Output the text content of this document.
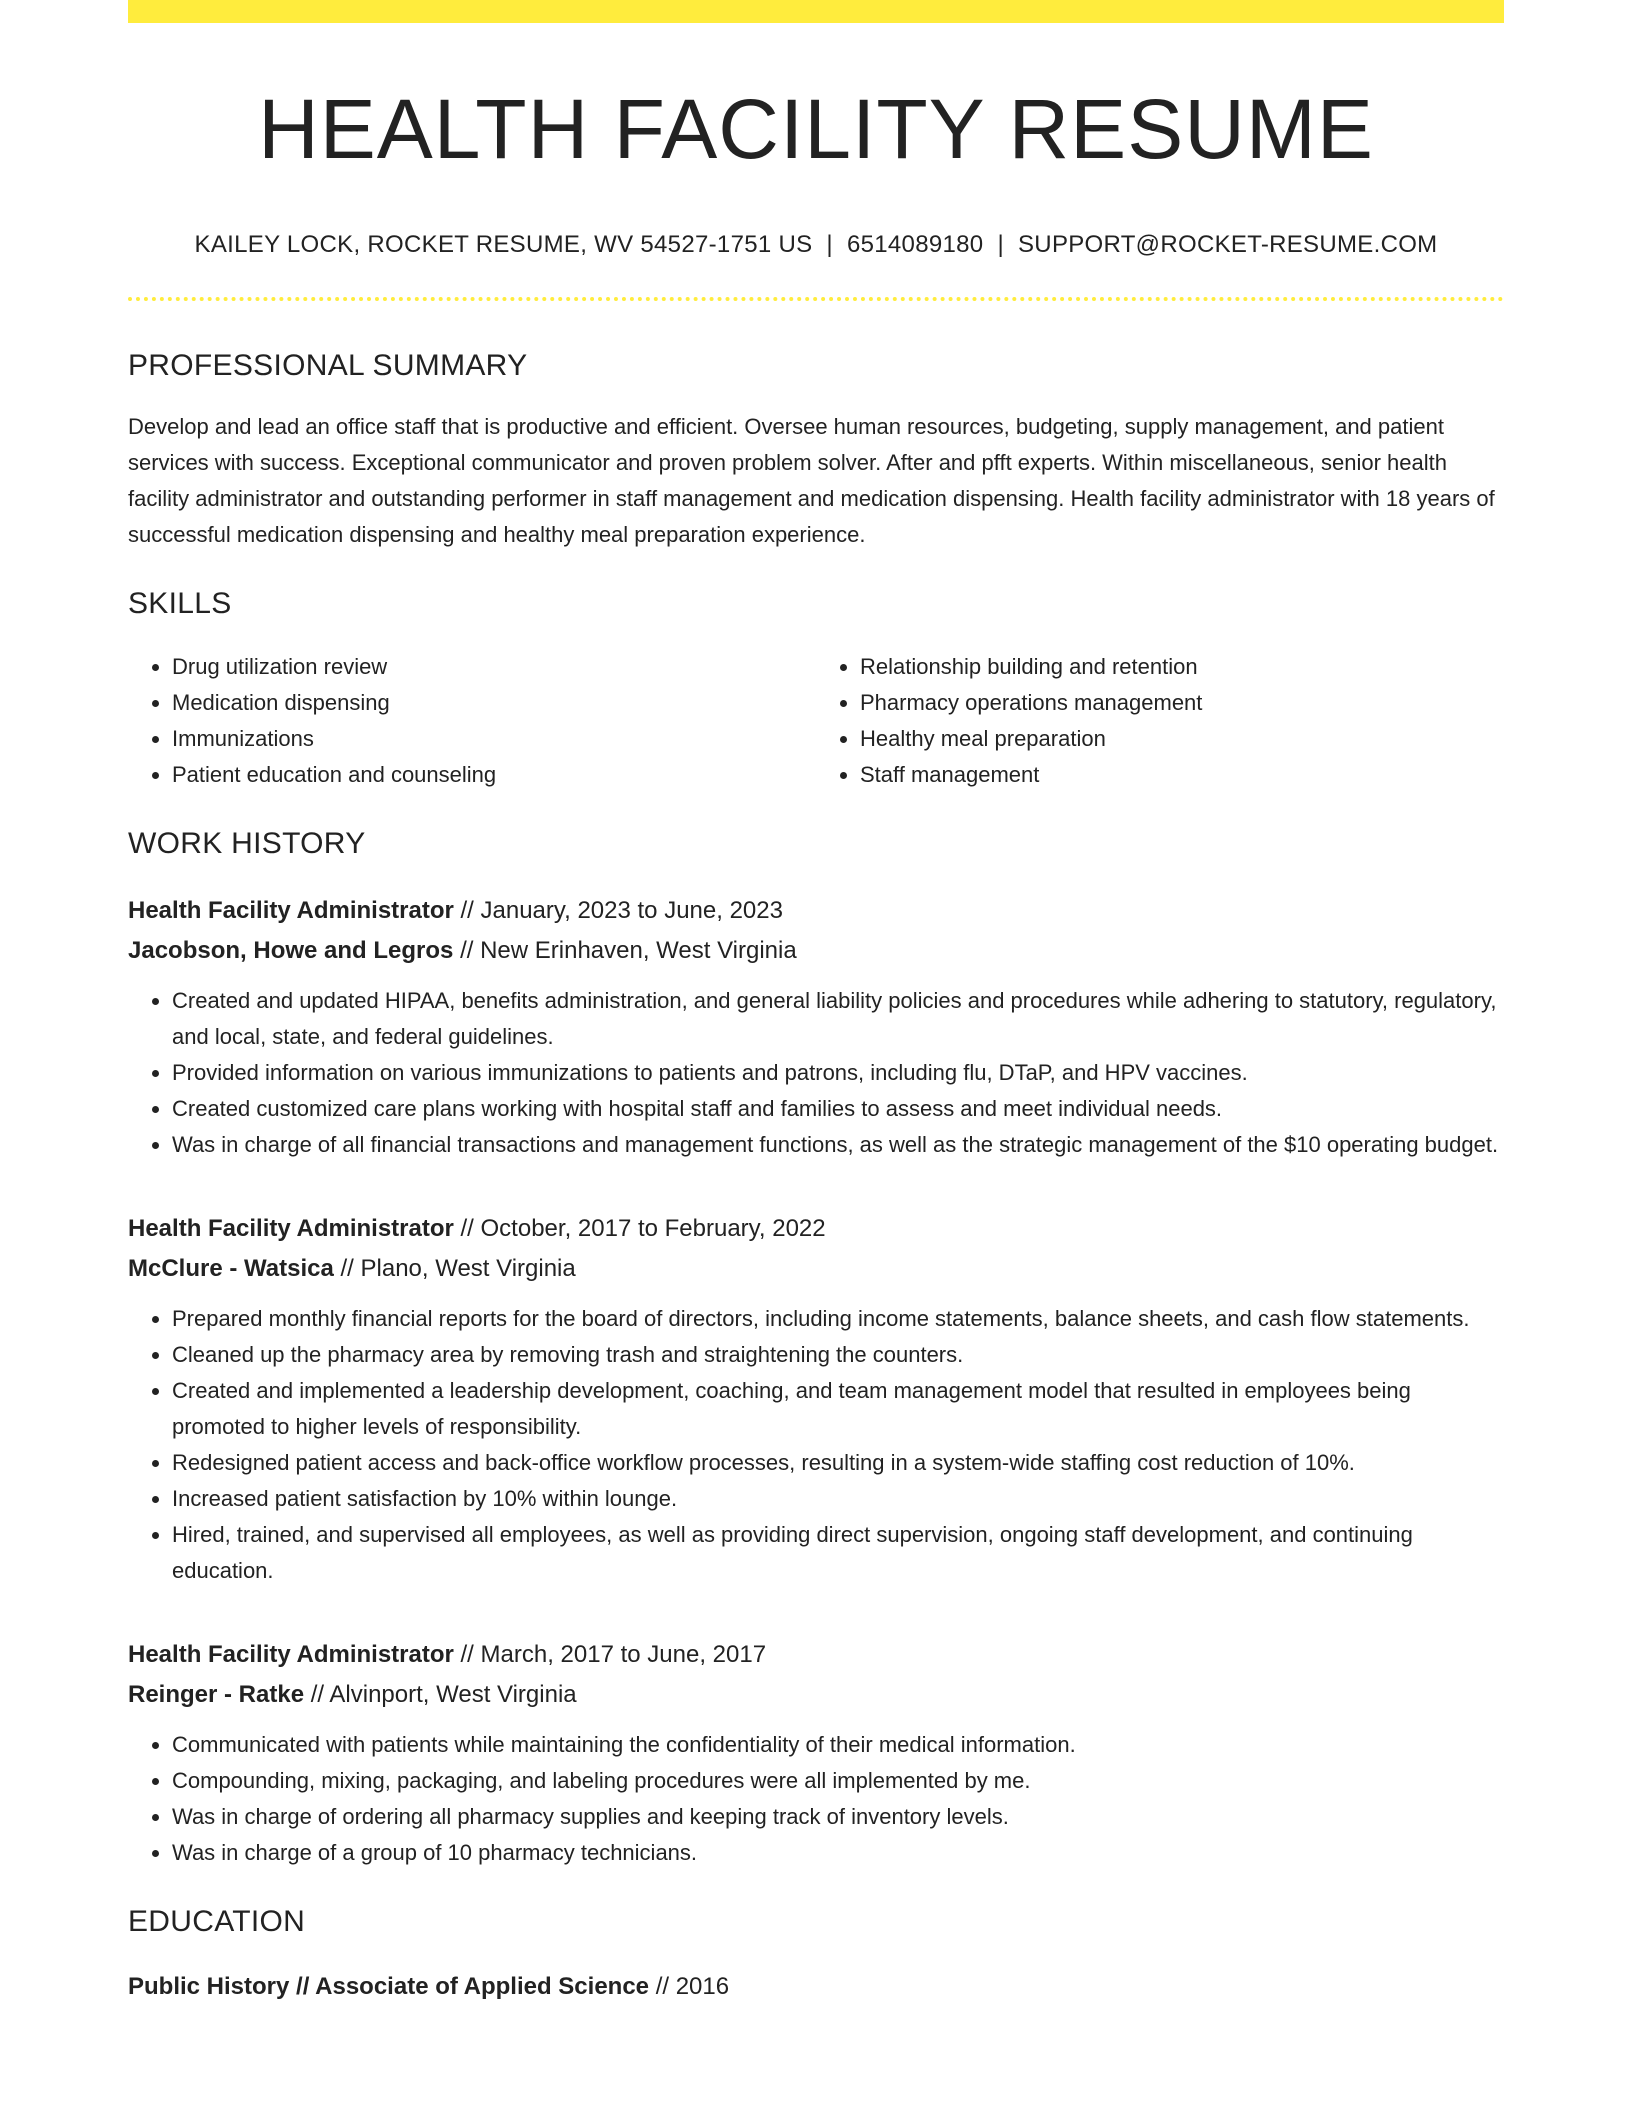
HEALTH FACILITY RESUME
KAILEY LOCK, ROCKET RESUME, WV 54527-1751 US | 6514089180 | SUPPORT@ROCKET-RESUME.COM
PROFESSIONAL SUMMARY

Develop and lead an office staff that is productive and efficient. Oversee human resources, budgeting, supply management, and patient services with success. Exceptional communicator and proven problem solver. After and pfft experts. Within miscellaneous, senior health facility administrator and outstanding performer in staff management and medication dispensing. Health facility administrator with 18 years of successful medication dispensing and healthy meal preparation experience.

SKILLS
• Drug utilization review
• Medication dispensing
• Immunizations
• Patient education and counseling
• Relationship building and retention
• Pharmacy operations management
• Healthy meal preparation
• Staff management
WORK HISTORY
Health Facility Administrator // January, 2023 to June, 2023
Jacobson, Howe and Legros // New Erinhaven, West Virginia
• Created and updated HIPAA, benefits administration, and general liability policies and procedures while adhering to statutory, regulatory, and local, state, and federal guidelines.
• Provided information on various immunizations to patients and patrons, including flu, DTaP, and HPV vaccines.
• Created customized care plans working with hospital staff and families to assess and meet individual needs.
• Was in charge of all financial transactions and management functions, as well as the strategic management of the $10 operating budget.
Health Facility Administrator // October, 2017 to February, 2022
McClure - Watsica // Plano, West Virginia
• Prepared monthly financial reports for the board of directors, including income statements, balance sheets, and cash flow statements.
• Cleaned up the pharmacy area by removing trash and straightening the counters.
• Created and implemented a leadership development, coaching, and team management model that resulted in employees being promoted to higher levels of responsibility.
• Redesigned patient access and back-office workflow processes, resulting in a system-wide staffing cost reduction of 10%.
• Increased patient satisfaction by 10% within lounge.
• Hired, trained, and supervised all employees, as well as providing direct supervision, ongoing staff development, and continuing education.
Health Facility Administrator // March, 2017 to June, 2017
Reinger - Ratke // Alvinport, West Virginia
• Communicated with patients while maintaining the confidentiality of their medical information.
• Compounding, mixing, packaging, and labeling procedures were all implemented by me.
• Was in charge of ordering all pharmacy supplies and keeping track of inventory levels.
• Was in charge of a group of 10 pharmacy technicians.
EDUCATION
Public History // Associate of Applied Science // 2016
